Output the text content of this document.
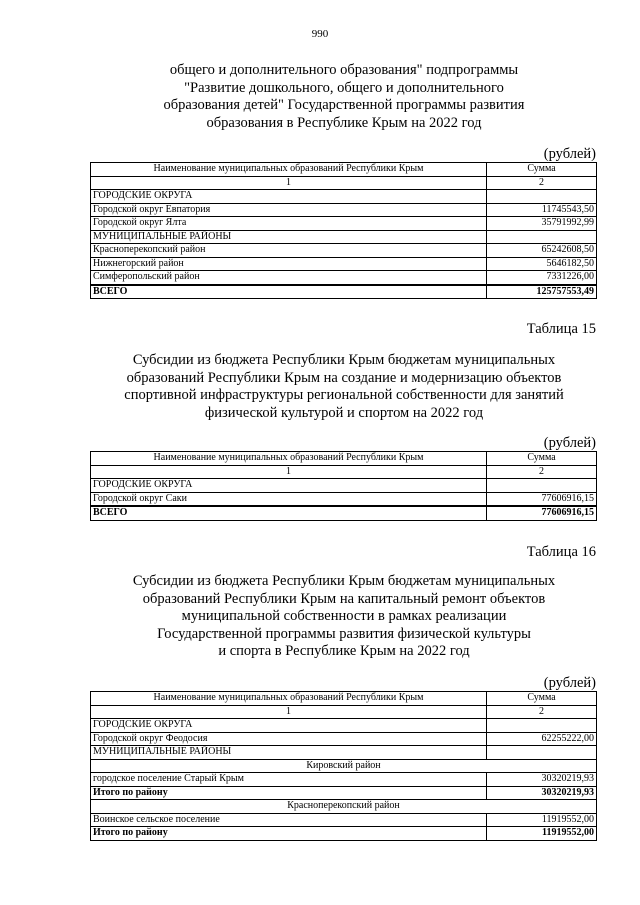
990
общего и дополнительного образования" подпрограммы
"Развитие дошкольного, общего и дополнительного
образования детей" Государственной программы развития
образования в Республике Крым на 2022 год
(рублей)
Наименование муниципальных образований Республики Крым	Сумма
1	2
ГОРОДСКИЕ ОКРУГА	
Городской округ Евпатория	11745543,50
Городской округ Ялта	35791992,99
МУНИЦИПАЛЬНЫЕ РАЙОНЫ	
Красноперекопский район	65242608,50
Нижнегорский район	5646182,50
Симферопольский район	7331226,00
ВСЕГО	125757553,49
Таблица 15
Субсидии из бюджета Республики Крым бюджетам муниципальных
образований Республики Крым на создание и модернизацию объектов
спортивной инфраструктуры региональной собственности для занятий
физической культурой и спортом на 2022 год
(рублей)
Наименование муниципальных образований Республики Крым	Сумма
1	2
ГОРОДСКИЕ ОКРУГА	
Городской округ Саки	77606916,15
ВСЕГО	77606916,15
Таблица 16
Субсидии из бюджета Республики Крым бюджетам муниципальных
образований Республики Крым на капитальный ремонт объектов
муниципальной собственности в рамках реализации
Государственной программы развития физической культуры
и спорта в Республике Крым на 2022 год
(рублей)
Наименование муниципальных образований Республики Крым	Сумма
1	2
ГОРОДСКИЕ ОКРУГА	
Городской округ Феодосия	62255222,00
МУНИЦИПАЛЬНЫЕ РАЙОНЫ	
Кировский район	
городское поселение Старый Крым	30320219,93
Итого по району	30320219,93
Красноперекопский район	
Воинское сельское поселение	11919552,00
Итого по району	11919552,00
